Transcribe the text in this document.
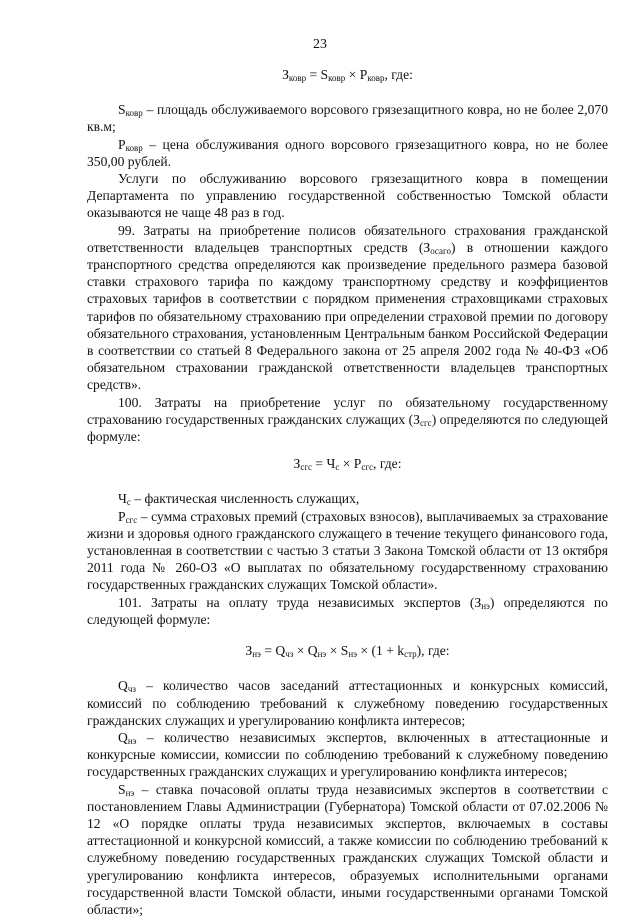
23

$З_{ковр} = S_{ковр} \times P_{ковр}$, где:

$S_{ковр}$ – площадь обслуживаемого ворсового грязезащитного ковра, но не более 2,070 кв.м;

$P_{ковр}$ – цена обслуживания одного ворсового грязезащитного ковра, но не более 350,00 рублей.

Услуги по обслуживанию ворсового грязезащитного ковра в помещении Департамента по управлению государственной собственностью Томской области оказываются не чаще 48 раз в год.

99. Затраты на приобретение полисов обязательного страхования гражданской ответственности владельцев транспортных средств $(З_{осаго})$ в отношении каждого транспортного средства определяются как произведение предельного размера базовой ставки страхового тарифа по каждому транспортному средству и коэффициентов страховых тарифов в соответствии с порядком применения страховщиками страховых тарифов по обязательному страхованию при определении страховой премии по договору обязательного страхования, установленным Центральным банком Российской Федерации в соответствии со статьей 8 Федерального закона от 25 апреля 2002 года № 40-ФЗ «Об обязательном страховании гражданской ответственности владельцев транспортных средств».

100. Затраты на приобретение услуг по обязательному государственному страхованию государственных гражданских служащих $(З_{сгс})$ определяются по следующей формуле:

$З_{сгс} = Ч_с \times P_{сгс}$, где:

$Ч_с$ – фактическая численность служащих,

$P_{сгс}$ – сумма страховых премий (страховых взносов), выплачиваемых за страхование жизни и здоровья одного гражданского служащего в течение текущего финансового года, установленная в соответствии с частью 3 статьи 3 Закона Томской области от 13 октября 2011 года № 260-ОЗ «О выплатах по обязательному государственному страхованию государственных гражданских служащих Томской области».

101. Затраты на оплату труда независимых экспертов $(З_{нэ})$ определяются по следующей формуле:

$З_{нэ} = Q_{чз} \times Q_{нэ} \times S_{нэ} \times (1 + k_{стр})$, где:

$Q_{чз}$ – количество часов заседаний аттестационных и конкурсных комиссий, комиссий по соблюдению требований к служебному поведению государственных гражданских служащих и урегулированию конфликта интересов;

$Q_{нэ}$ – количество независимых экспертов, включенных в аттестационные и конкурсные комиссии, комиссии по соблюдению требований к служебному поведению государственных гражданских служащих и урегулированию конфликта интересов;

$S_{нэ}$ – ставка почасовой оплаты труда независимых экспертов в соответствии с постановлением Главы Администрации (Губернатора) Томской области от 07.02.2006 № 12 «О порядке оплаты труда независимых экспертов, включаемых в составы аттестационной и конкурсной комиссий, а также комиссии по соблюдению требований к служебному поведению государственных гражданских служащих Томской области и урегулированию конфликта интересов, образуемых исполнительными органами государственной власти Томской области, иными государственными органами Томской области»;
